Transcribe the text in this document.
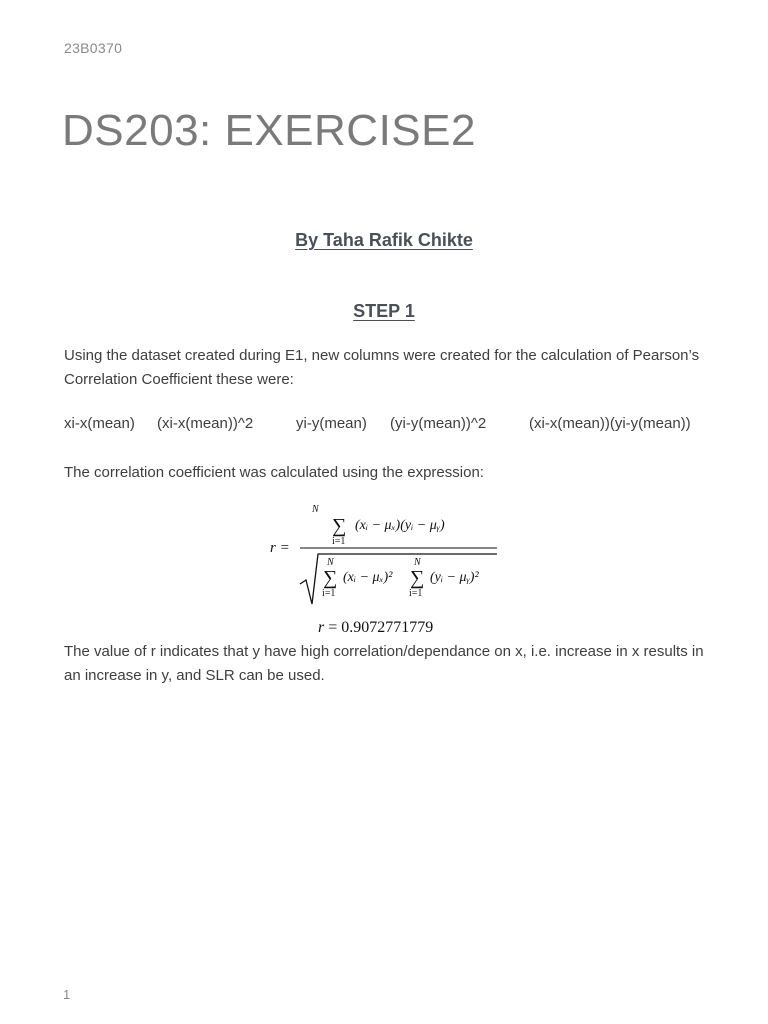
23B0370
DS203: EXERCISE2
By Taha Rafik Chikte
STEP 1
Using the dataset created during E1, new columns were created for the calculation of Pearson’s Correlation Coefficient these were:
xi-x(mean) (xi-x(mean))^2	yi-y(mean) (yi-y(mean))^2	(xi-x(mean))(yi-y(mean))
The correlation coefficient was calculated using the expression:
r =
N
∑
i=1
(xᵢ − μₓ)(yᵢ − μᵧ)
N
∑
i=1
(xᵢ − μₓ)²
N
∑
i=1
(yᵢ − μᵧ)²
r = 0.9072771779
The value of r indicates that y have high correlation/dependance on x, i.e. increase in x results in an increase in y, and SLR can be used.
1
